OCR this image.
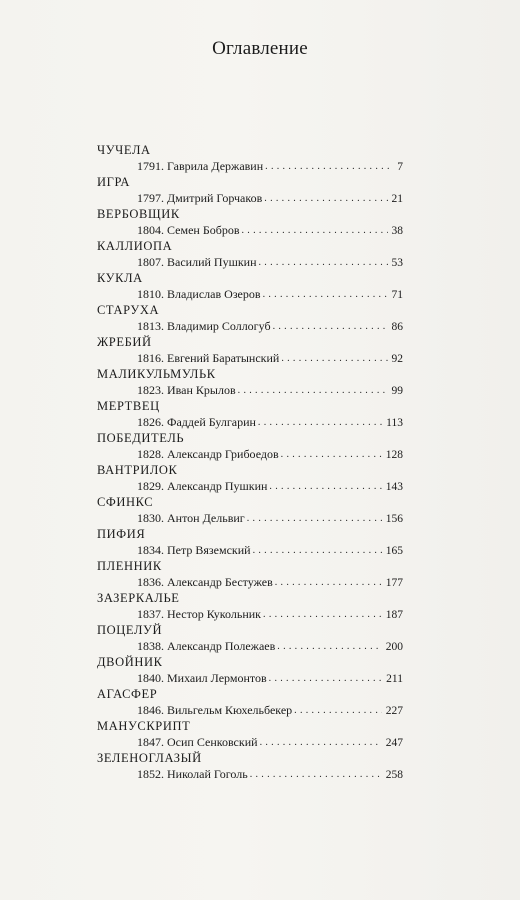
Оглавление
ЧУЧЕЛА
1791. Гаврила Державин . . .	7
ИГРА
1797. Дмитрий Горчаков . . .	21
ВЕРБОВЩИК
1804. Семен Бобров . . .	38
КАЛЛИОПА
1807. Василий Пушкин . . .	53
КУКЛА
1810. Владислав Озеров . . .	71
СТАРУХА
1813. Владимир Соллогуб . . .	86
ЖРЕБИЙ
1816. Евгений Баратынский . . .	92
МАЛИКУЛЬМУЛЬК
1823. Иван Крылов . . .	99
МЕРТВЕЦ
1826. Фаддей Булгарин . . .	113
ПОБЕДИТЕЛЬ
1828. Александр Грибоедов . . .	128
ВАНТРИЛОК
1829. Александр Пушкин . . .	143
СФИНКС
1830. Антон Дельвиг . . .	156
ПИФИЯ
1834. Петр Вяземский . . .	165
ПЛЕННИК
1836. Александр Бестужев . . .	177
ЗАЗЕРКАЛЬЕ
1837. Нестор Кукольник . . .	187
ПОЦЕЛУЙ
1838. Александр Полежаев . . .	200
ДВОЙНИК
1840. Михаил Лермонтов . . .	211
АГАСФЕР
1846. Вильгельм Кюхельбекер . . .	227
МАНУСКРИПТ
1847. Осип Сенковский . . .	247
ЗЕЛЕНОГЛАЗЫЙ
1852. Николай Гоголь . . .	258
